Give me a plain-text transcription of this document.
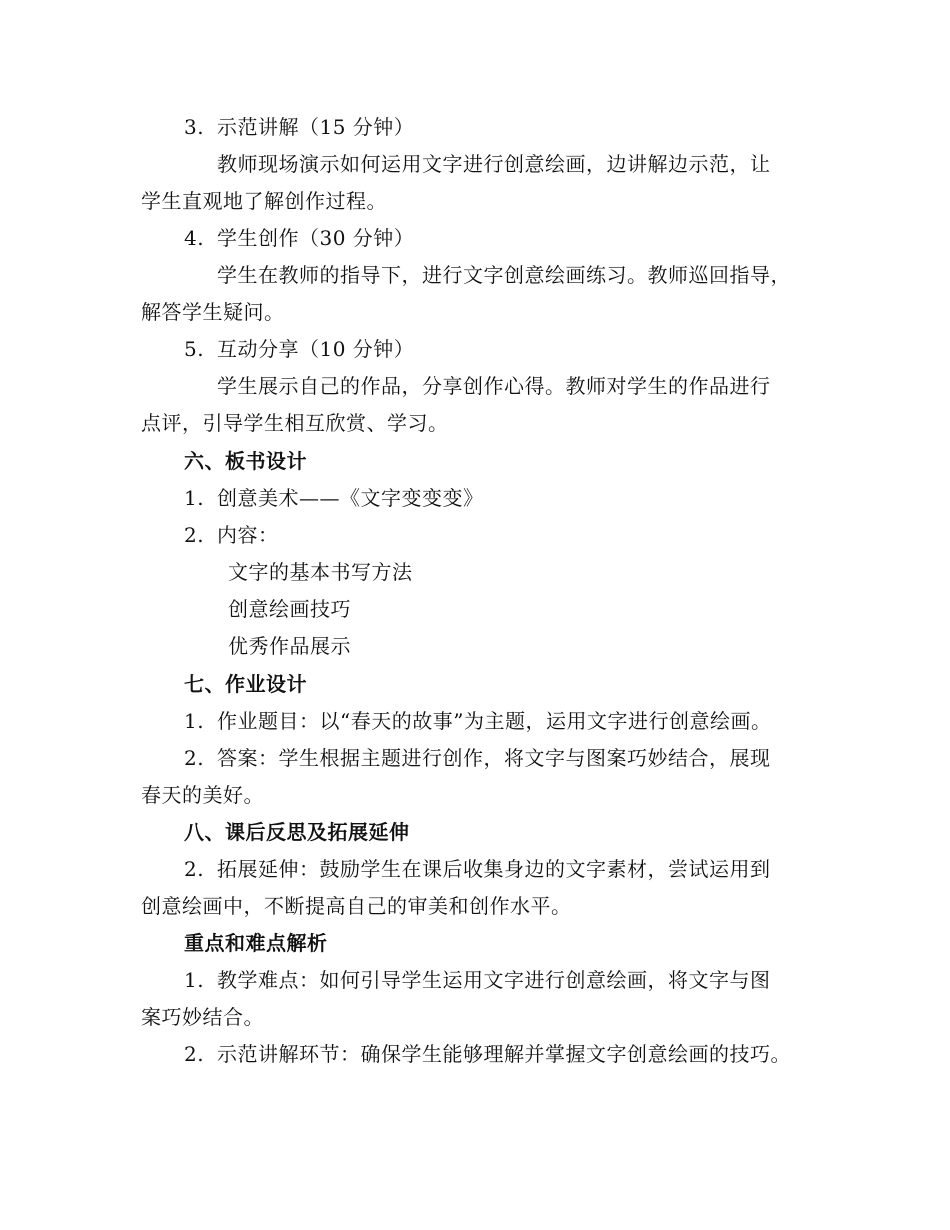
3. 示范讲解（15 分钟）
教师现场演示如何运用文字进行创意绘画，边讲解边示范，让
学生直观地了解创作过程。
4. 学生创作（30 分钟）
学生在教师的指导下，进行文字创意绘画练习。教师巡回指导，
解答学生疑问。
5. 互动分享（10 分钟）
学生展示自己的作品，分享创作心得。教师对学生的作品进行
点评，引导学生相互欣赏、学习。
六、板书设计
1. 创意美术——《文字变变变》
2. 内容：
文字的基本书写方法
创意绘画技巧
优秀作品展示
七、作业设计
1. 作业题目：以“春天的故事”为主题，运用文字进行创意绘画。
2. 答案：学生根据主题进行创作，将文字与图案巧妙结合，展现
春天的美好。
八、课后反思及拓展延伸
2. 拓展延伸：鼓励学生在课后收集身边的文字素材，尝试运用到
创意绘画中，不断提高自己的审美和创作水平。
重点和难点解析
1. 教学难点：如何引导学生运用文字进行创意绘画，将文字与图
案巧妙结合。
2. 示范讲解环节：确保学生能够理解并掌握文字创意绘画的技巧。
